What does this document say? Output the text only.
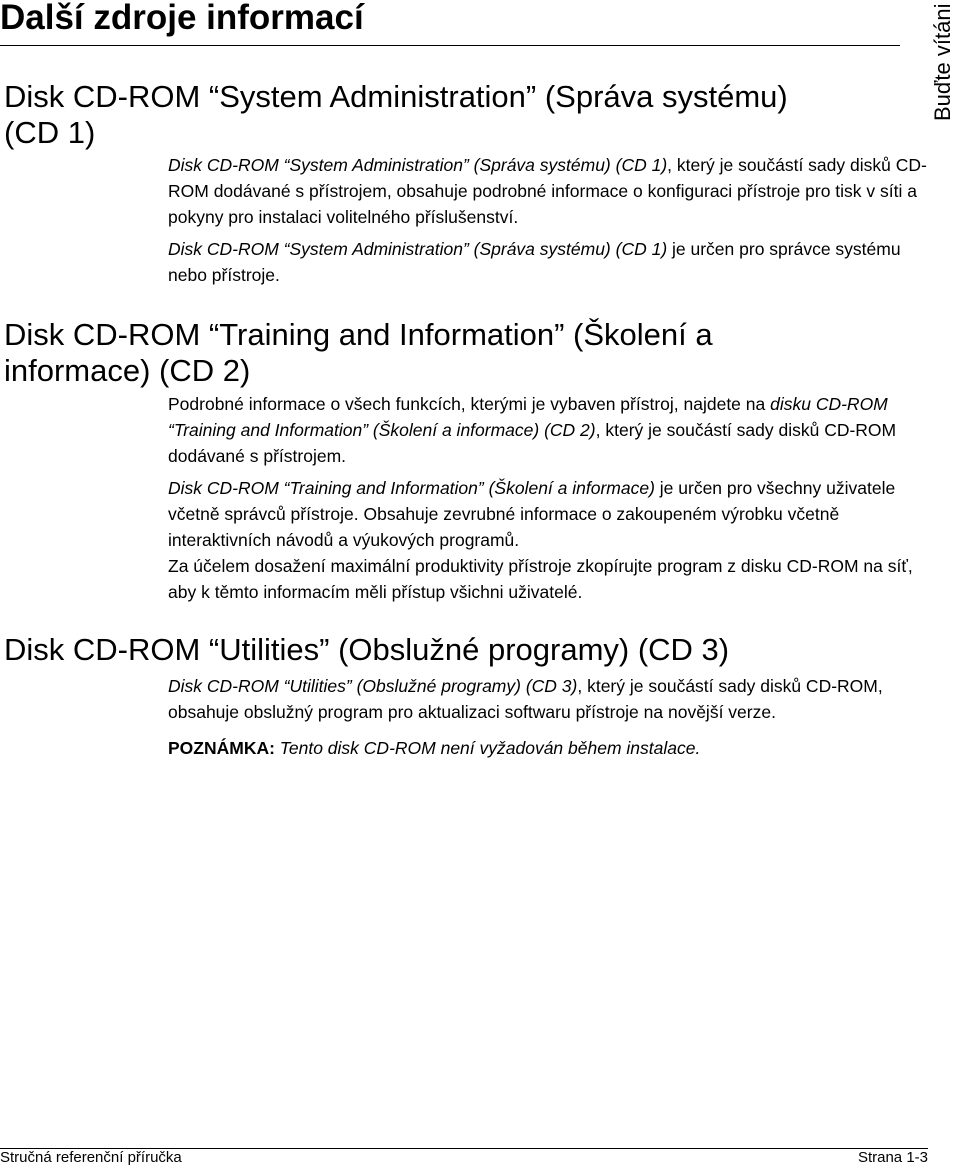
Další zdroje informací	Buďte vítáni
Disk CD-ROM “System Administration” (Správa systému)
(CD 1)

Disk CD-ROM “System Administration” (Správa systému) (CD 1), který je součástí sady disků CD-ROM dodávané s přístrojem, obsahuje podrobné informace o konfiguraci přístroje pro tisk v síti a pokyny pro instalaci volitelného příslušenství.

Disk CD-ROM “System Administration” (Správa systému) (CD 1) je určen pro správce systému nebo přístroje.

Disk CD-ROM “Training and Information” (Školení a
informace) (CD 2)

Podrobné informace o všech funkcích, kterými je vybaven přístroj, najdete na disku CD-ROM “Training and Information” (Školení a informace) (CD 2), který je součástí sady disků CD-ROM dodávané s přístrojem.

Disk CD-ROM “Training and Information” (Školení a informace) je určen pro všechny uživatele včetně správců přístroje. Obsahuje zevrubné informace o zakoupeném výrobku včetně interaktivních návodů a výukových programů.

Za účelem dosažení maximální produktivity přístroje zkopírujte program z disku CD-ROM na síť, aby k těmto informacím měli přístup všichni uživatelé.

Disk CD-ROM “Utilities” (Obslužné programy) (CD 3)

Disk CD-ROM “Utilities” (Obslužné programy) (CD 3), který je součástí sady disků CD-ROM, obsahuje obslužný program pro aktualizaci softwaru přístroje na novější verze.

POZNÁMKA: Tento disk CD-ROM není vyžadován během instalace.

Stručná referenční příručka	Strana 1-3
